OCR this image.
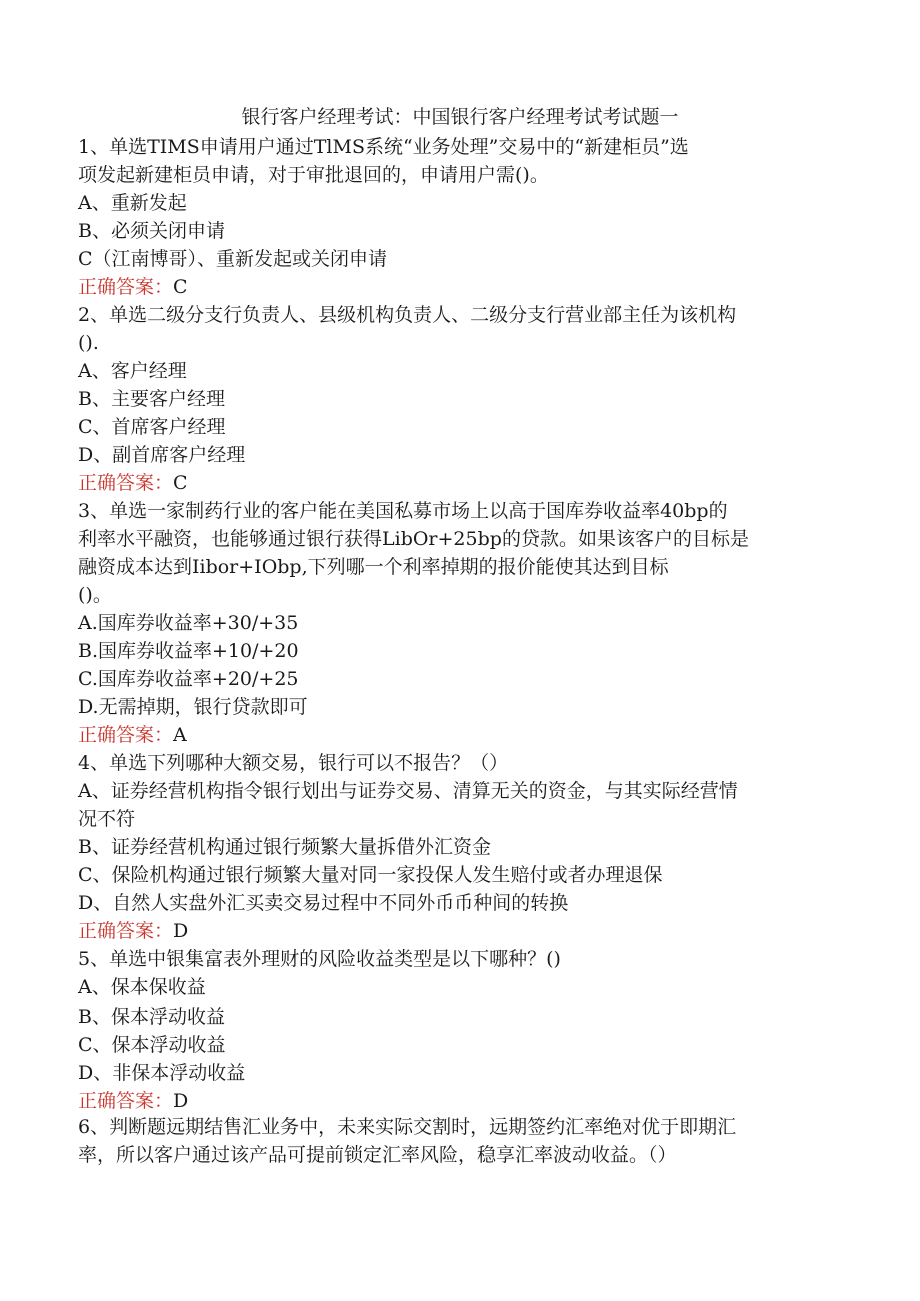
银行客户经理考试：中国银行客户经理考试考试题一
1、单选TIMS申请用户通过TlMS系统“业务处理”交易中的“新建柜员”选
项发起新建柜员申请，对于审批退回的，申请用户需()。
A、重新发起
B、必须关闭申请
C（江南博哥）、重新发起或关闭申请
正确答案：C
2、单选二级分支行负责人、县级机构负责人、二级分支行营业部主任为该机构
().
A、客户经理
B、主要客户经理
C、首席客户经理
D、副首席客户经理
正确答案：C
3、单选一家制药行业的客户能在美国私募市场上以高于国库券收益率40bp的
利率水平融资，也能够通过银行获得LibOr+25bp的贷款。如果该客户的目标是
融资成本达到Iibor+IObp,下列哪一个利率掉期的报价能使其达到目标
()。
A.国库券收益率+30/+35
B.国库券收益率+10/+20
C.国库券收益率+20/+25
D.无需掉期，银行贷款即可
正确答案：A
4、单选下列哪种大额交易，银行可以不报告？（）
A、证券经营机构指令银行划出与证券交易、清算无关的资金，与其实际经营情
况不符
B、证券经营机构通过银行频繁大量拆借外汇资金
C、保险机构通过银行频繁大量对同一家投保人发生赔付或者办理退保
D、自然人实盘外汇买卖交易过程中不同外币币种间的转换
正确答案：D
5、单选中银集富表外理财的风险收益类型是以下哪种？()
A、保本保收益
B、保本浮动收益
C、保本浮动收益
D、非保本浮动收益
正确答案：D
6、判断题远期结售汇业务中，未来实际交割时，远期签约汇率绝对优于即期汇
率，所以客户通过该产品可提前锁定汇率风险，稳享汇率波动收益。（）
